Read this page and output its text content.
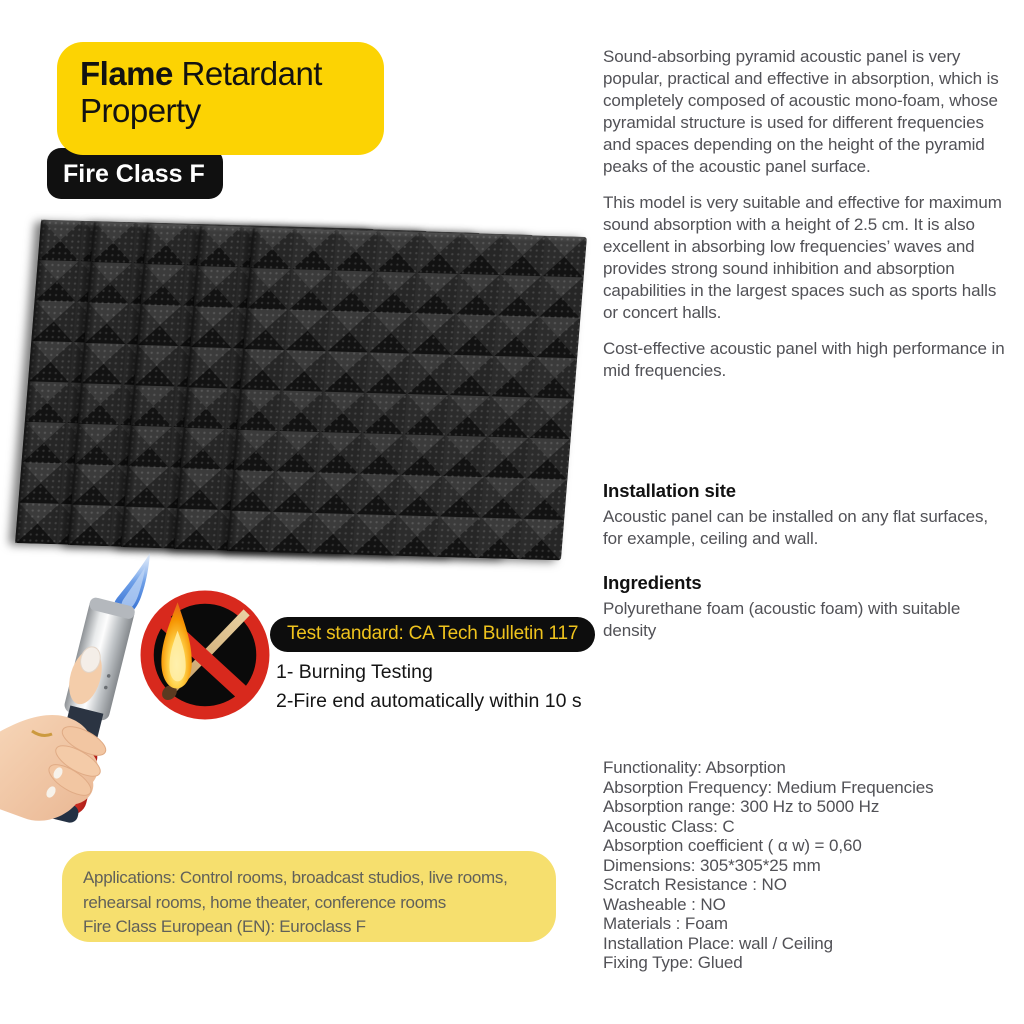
Flame Retardant
Property
Fire Class F
Test standard: CA Tech Bulletin 117
1- Burning Testing
2-Fire end automatically within 10 s
Applications: Control rooms, broadcast studios, live rooms,
rehearsal rooms, home theater, conference rooms
Fire Class European (EN): Euroclass F

Sound-absorbing pyramid acoustic panel is very popular, practical and effective in absorption, which is completely composed of acoustic mono-foam, whose pyramidal structure is used for different frequencies and spaces depending on the height of the pyramid peaks of the acoustic panel surface.

This model is very suitable and effective for maximum sound absorption with a height of 2.5 cm. It is also excellent in absorbing low frequencies’ waves and provides strong sound inhibition and absorption capabilities in the largest spaces such as sports halls or concert halls.

Cost-effective acoustic panel with high performance in mid frequencies.

Installation site

Acoustic panel can be installed on any flat surfaces, for example, ceiling and wall.

Ingredients

Polyurethane foam (acoustic foam) with suitable density

Functionality: Absorption
Absorption Frequency: Medium Frequencies
Absorption range: 300 Hz to 5000 Hz
Acoustic Class: C
Absorption coefficient ( α w) = 0,60
Dimensions: 305*305*25 mm
Scratch Resistance : NO
Washeable : NO
Materials : Foam
Installation Place: wall / Ceiling
Fixing Type: Glued
